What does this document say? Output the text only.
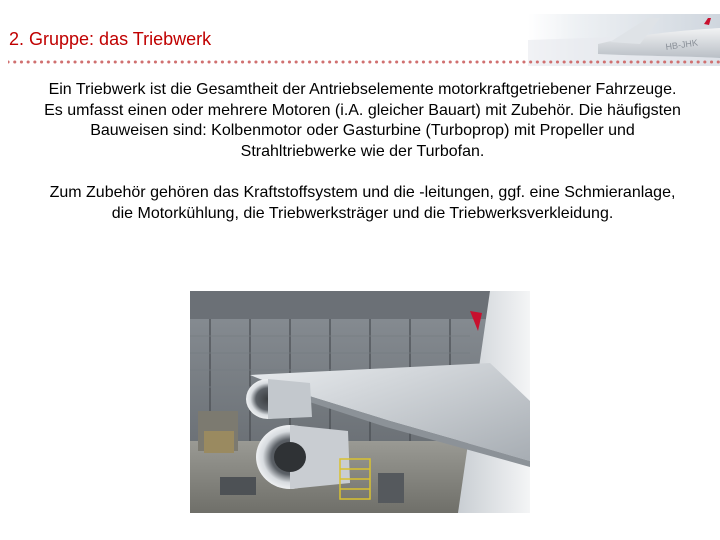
2. Gruppe: das Triebwerk	HB-JHK

Ein Triebwerk ist die Gesamtheit der Antriebselemente motorkraftgetriebener Fahrzeuge. Es umfasst einen oder mehrere Motoren (i.A. gleicher Bauart) mit Zubehör. Die häufigsten Bauweisen sind: Kolbenmotor oder Gasturbine (Turboprop) mit Propeller und Strahltriebwerke wie der Turbofan.

Zum Zubehör gehören das Kraftstoffsystem und die -leitungen, ggf. eine Schmieranlage, die Motorkühlung, die Triebwerksträger und die Triebwerksverkleidung.
